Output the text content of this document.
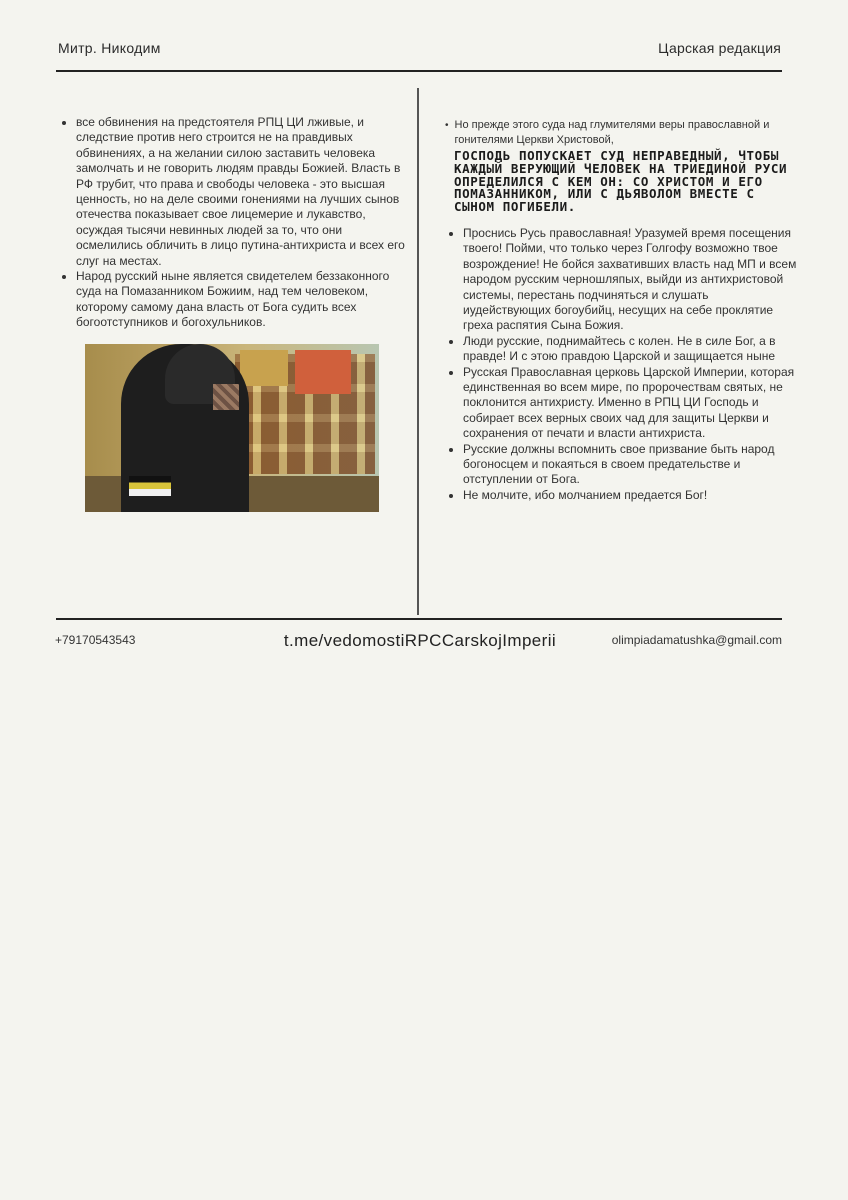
Митр. Никодим	Царская редакция
• все обвинения на предстоятеля РПЦ ЦИ лживые, и следствие против него строится не на правдивых обвинениях, а на желании силою заставить человека замолчать и не говорить людям правды Божией. Власть в РФ трубит, что права и свободы человека - это высшая ценность, но на деле своими гонениями на лучших сынов отечества показывает свое лицемерие и лукавство, осуждая тысячи невинных людей за то, что они осмелились обличить в лицо путина-антихриста и всех его слуг на местах.
• Народ русский ныне является свидетелем беззаконного суда на Помазанником Божиим, над тем человеком, которому самому дана власть от Бога судить всех богоотступников и богохульников.
• Но прежде этого суда над глумителями веры православной и гонителями Церкви Христовой,
ГОСПОДЬ ПОПУСКАЕТ СУД НЕПРАВЕДНЫЙ, ЧТОБЫ КАЖДЫЙ ВЕРУЮЩИЙ ЧЕЛОВЕК НА ТРИЕДИНОЙ РУСИ ОПРЕДЕЛИЛСЯ С КЕМ ОН: СО ХРИСТОМ И ЕГО ПОМАЗАННИКОМ, ИЛИ С ДЬЯВОЛОМ ВМЕСТЕ С СЫНОМ ПОГИБЕЛИ.
• Проснись Русь православная! Уразумей время посещения твоего! Пойми, что только через Голгофу возможно твое возрождение! Не бойся захвативших власть над МП и всем народом русским черношляпых, выйди из антихристовой системы, перестань подчиняться и слушать иудействующих богоубийц, несущих на себе проклятие греха распятия Сына Божия.
• Люди русские, поднимайтесь с колен. Не в силе Бог, а в правде! И с этою правдою Царской и защищается ныне
• Русская Православная церковь Царской Империи, которая единственная во всем мире, по пророчествам святых, не поклонится антихристу. Именно в РПЦ ЦИ Господь и собирает всех верных своих чад для защиты Церкви и сохранения от печати и власти антихриста.
• Русские должны вспомнить свое призвание быть народ богоносцем и покаяться в своем предательстве и отступлении от Бога.
• Не молчите, ибо молчанием предается Бог!
+79170543543	t.me/vedomostiRPCCarskojImperii	olimpiadamatushka@gmail.com
